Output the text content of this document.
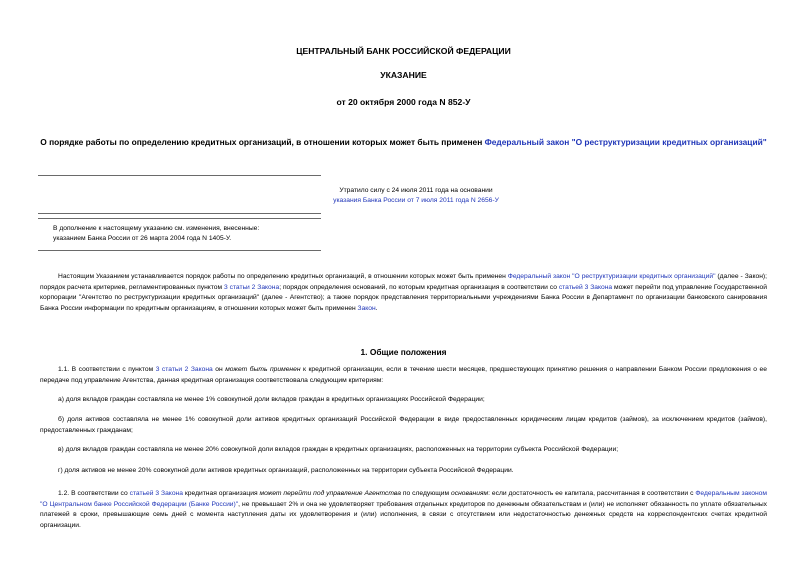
ЦЕНТРАЛЬНЫЙ БАНК РОССИЙСКОЙ ФЕДЕРАЦИИ
УКАЗАНИЕ
от 20 октября 2000 года N 852-У
О порядке работы по определению кредитных организаций, в отношении которых может быть применен Федеральный закон "О реструктуризации кредитных организаций"
Утратило силу с 24 июля 2011 года на основании
указания Банка России от 7 июля 2011 года N 2656-У
В дополнение к настоящему указанию см. изменения, внесенные:
указанием Банка России от 26 марта 2004 года N 1405-У.
Настоящим Указанием устанавливается порядок работы по определению кредитных организаций, в отношении которых может быть применен Федеральный закон "О реструктуризации кредитных организаций" (далее - Закон); порядок расчета критериев, регламентированных пунктом 3 статьи 2 Закона; порядок определения оснований, по которым кредитная организация в соответствии со статьей 3 Закона может перейти под управление Государственной корпорации "Агентство по реструктуризации кредитных организаций" (далее - Агентство); а также порядок представления территориальными учреждениями Банка России в Департамент по организации банковского санирования Банка России информации по кредитным организациям, в отношении которых может быть применен Закон.
1. Общие положения
1.1. В соответствии с пунктом 3 статьи 2 Закона он может быть применен к кредитной организации, если в течение шести месяцев, предшествующих принятию решения о направлении Банком России предложения о ее передаче под управление Агентства, данная кредитная организация соответствовала следующим критериям:
а) доля вкладов граждан составляла не менее 1% совокупной доли вкладов граждан в кредитных организациях Российской Федерации;
б) доля активов составляла не менее 1% совокупной доли активов кредитных организаций Российской Федерации в виде предоставленных юридическим лицам кредитов (займов), за исключением кредитов (займов), предоставленных гражданам;
в) доля вкладов граждан составляла не менее 20% совокупной доли вкладов граждан в кредитных организациях, расположенных на территории субъекта Российской Федерации;
г) доля активов не менее 20% совокупной доли активов кредитных организаций, расположенных на территории субъекта Российской Федерации.
1.2. В соответствии со статьей 3 Закона кредитная организация может перейти под управление Агентства по следующим основаниям: если достаточность ее капитала, рассчитанная в соответствии с Федеральным законом "О Центральном банке Российской Федерации (Банке России)", не превышает 2% и она не удовлетворяет требования отдельных кредиторов по денежным обязательствам и (или) не исполняет обязанность по уплате обязательных платежей в сроки, превышающие семь дней с момента наступления даты их удовлетворения и (или) исполнения, в связи с отсутствием или недостаточностью денежных средств на корреспондентских счетах кредитной организации.
